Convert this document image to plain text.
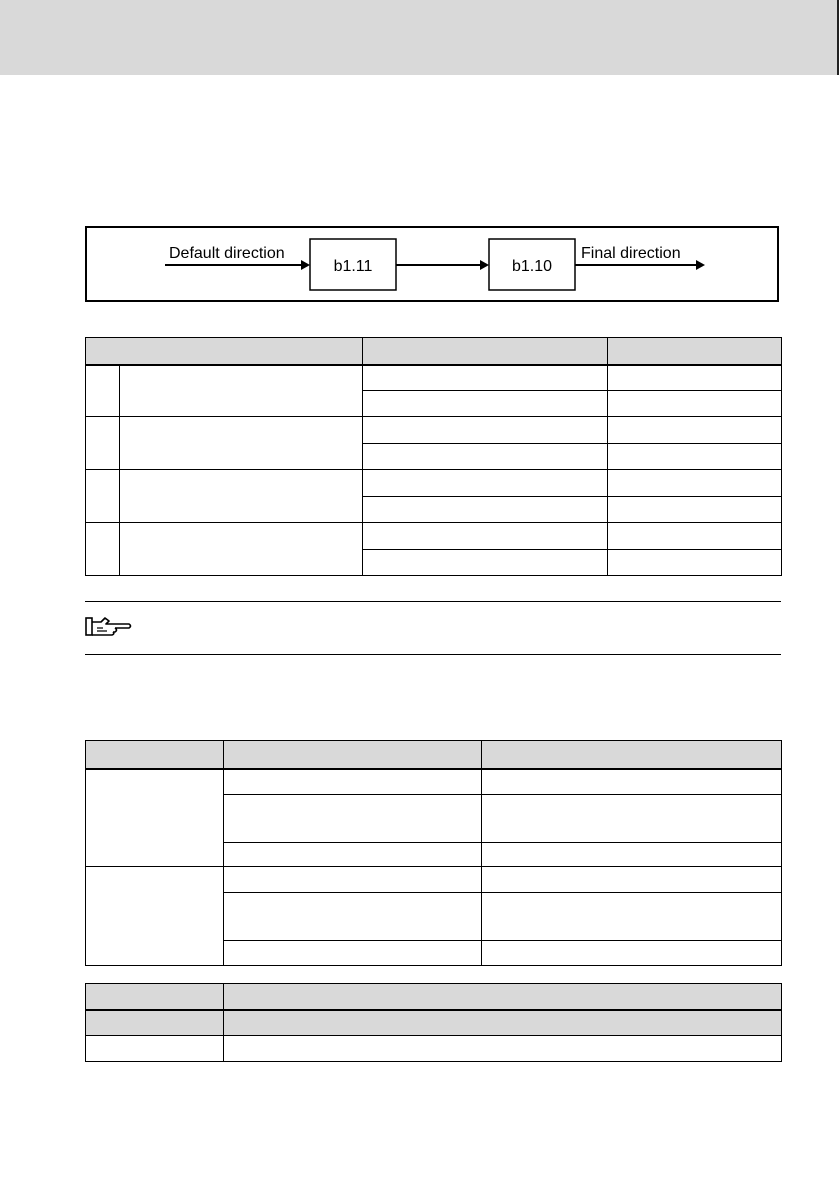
Default direction
b1.11	b1.10
Final direction
